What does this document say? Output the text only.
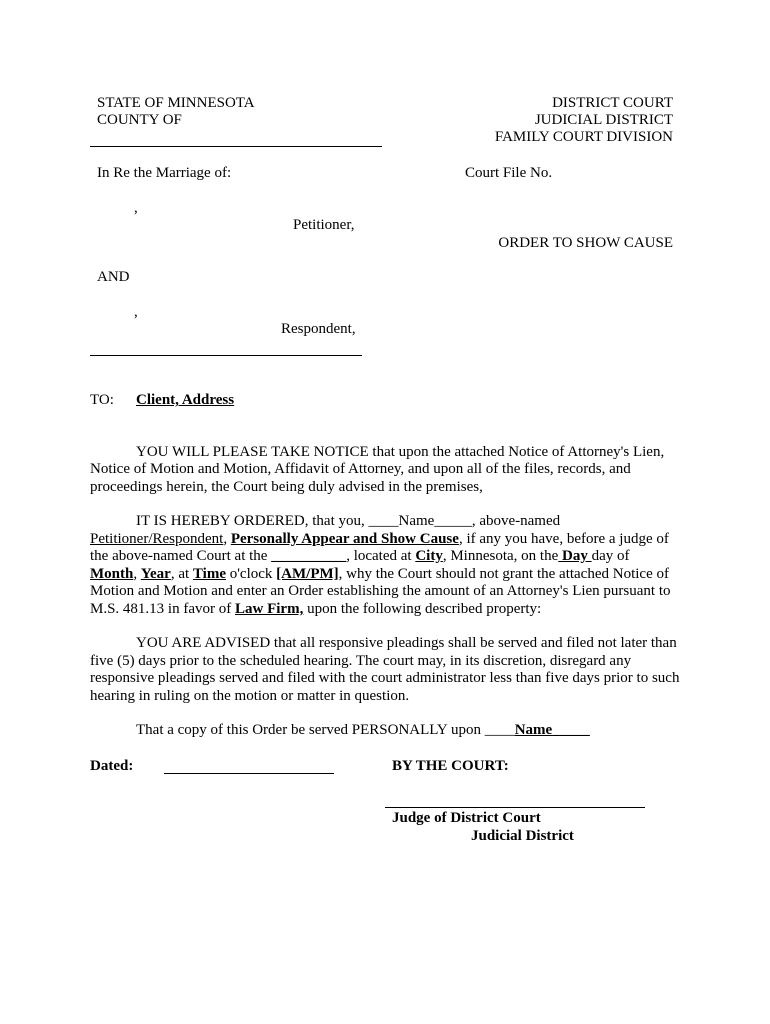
STATE OF MINNESOTA
COUNTY OF
DISTRICT COURT
JUDICIAL DISTRICT
FAMILY COURT DIVISION
In Re the Marriage of:	Court File No.
,
Petitioner,
ORDER TO SHOW CAUSE
AND
,
Respondent,
TO: Client, Address
YOU WILL PLEASE TAKE NOTICE that upon the attached Notice of Attorney's Lien,
Notice of Motion and Motion, Affidavit of Attorney, and upon all of the files, records, and
proceedings herein, the Court being duly advised in the premises,
IT IS HEREBY ORDERED, that you, ____Name_____, above-named
Petitioner/Respondent, Personally Appear and Show Cause, if any you have, before a judge of
the above-named Court at the __________, located at City, Minnesota, on the Day day of
Month, Year, at Time o'clock [AM/PM], why the Court should not grant the attached Notice of
Motion and Motion and enter an Order establishing the amount of an Attorney's Lien pursuant to
M.S. 481.13 in favor of Law Firm, upon the following described property:
YOU ARE ADVISED that all responsive pleadings shall be served and filed not later than
five (5) days prior to the scheduled hearing. The court may, in its discretion, disregard any
responsive pleadings served and filed with the court administrator less than five days prior to such
hearing in ruling on the motion or matter in question.
That a copy of this Order be served PERSONALLY upon ____Name_____
Dated:	BY THE COURT:
Judge of District Court
Judicial District
